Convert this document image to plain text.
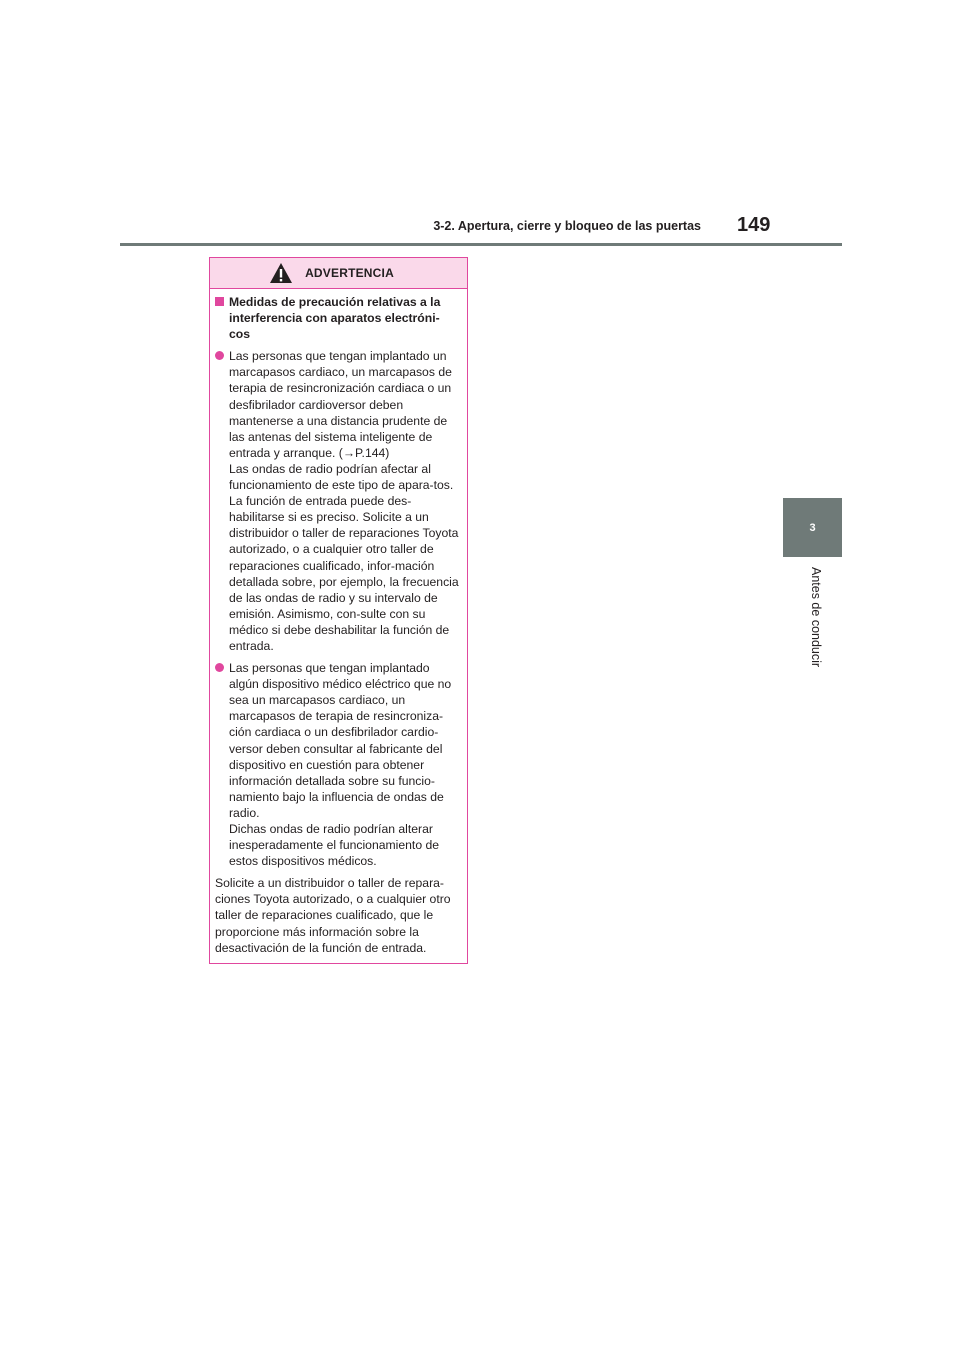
3-2. Apertura, cierre y bloqueo de las puertas 149
3
Antes de conducir
ADVERTENCIA
Medidas de precaución relativas a la interferencia con aparatos electróni-cos

Las personas que tengan implantado un marcapasos cardiaco, un marcapasos de terapia de resincronización cardiaca o un desfibrilador cardioversor deben mantenerse a una distancia prudente de las antenas del sistema inteligente de entrada y arranque. (→P.144)

Las ondas de radio podrían afectar al funcionamiento de este tipo de apara-tos. La función de entrada puede des-habilitarse si es preciso. Solicite a un distribuidor o taller de reparaciones Toyota autorizado, o a cualquier otro taller de reparaciones cualificado, infor-mación detallada sobre, por ejemplo, la frecuencia de las ondas de radio y su intervalo de emisión. Asimismo, con-sulte con su médico si debe deshabilitar la función de entrada.

Las personas que tengan implantado algún dispositivo médico eléctrico que no sea un marcapasos cardiaco, un marcapasos de terapia de resincroniza-ción cardiaca o un desfibrilador cardio-versor deben consultar al fabricante del dispositivo en cuestión para obtener información detallada sobre su funcio-namiento bajo la influencia de ondas de radio.

Dichas ondas de radio podrían alterar inesperadamente el funcionamiento de estos dispositivos médicos.

Solicite a un distribuidor o taller de repara-ciones Toyota autorizado, o a cualquier otro taller de reparaciones cualificado, que le proporcione más información sobre la desactivación de la función de entrada.
